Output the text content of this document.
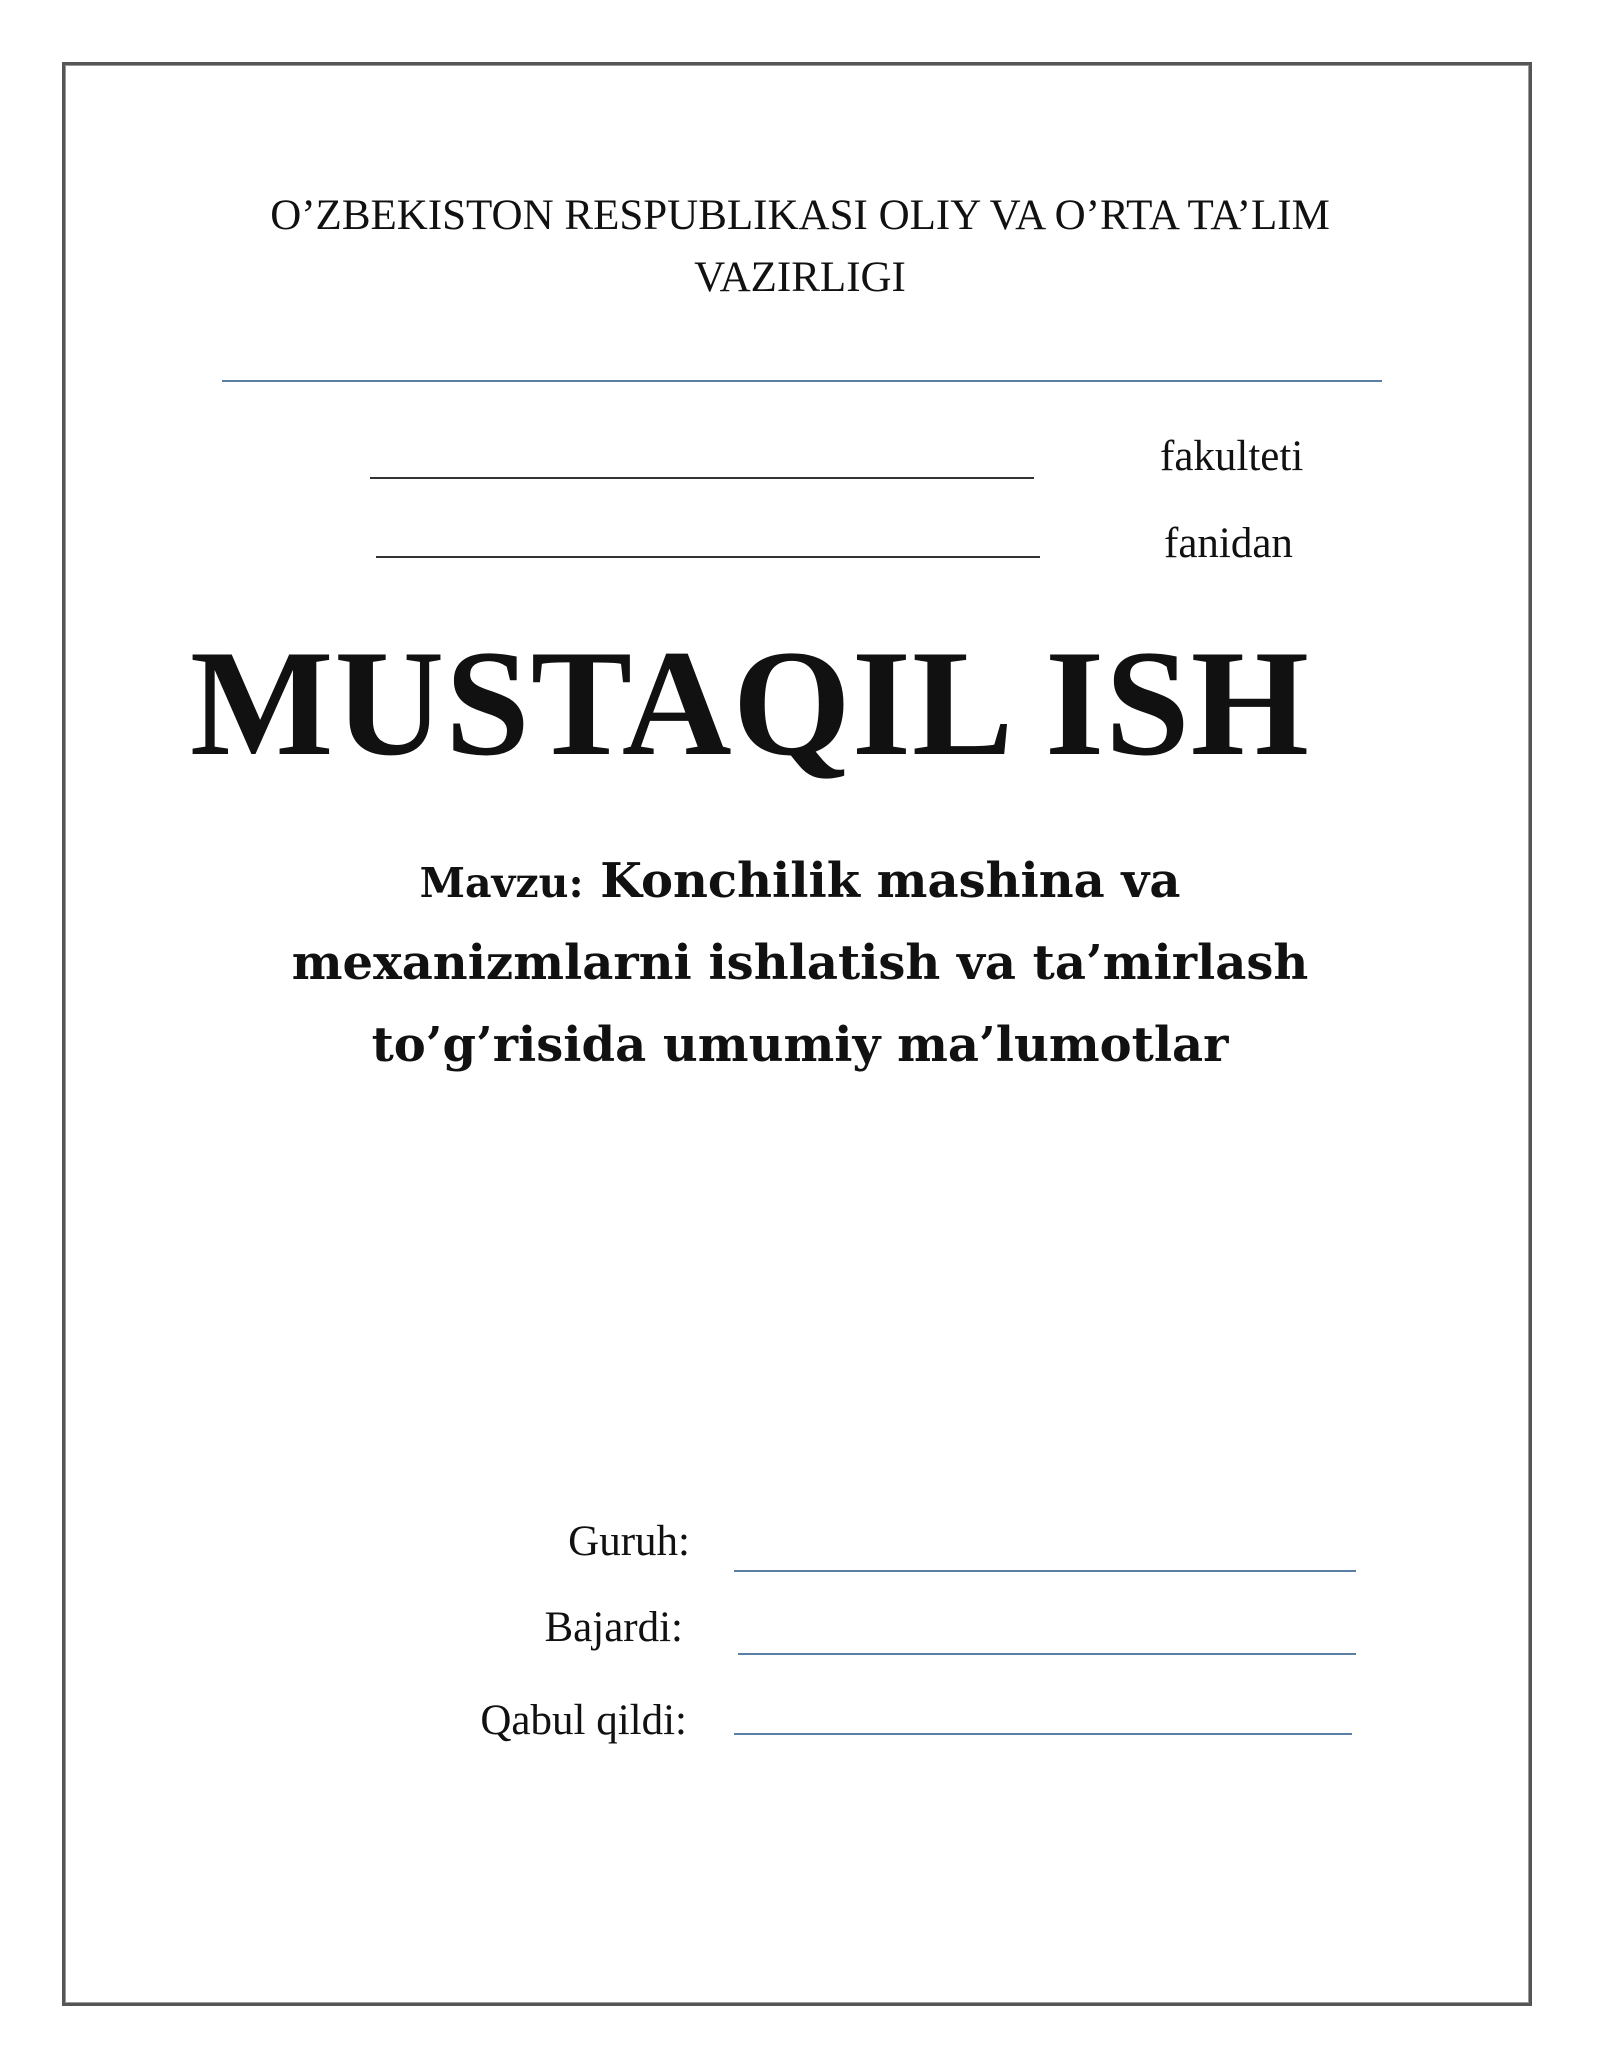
O’ZBEKISTON RESPUBLIKASI OLIY VA O’RTA TA’LIM
VAZIRLIGI
fakulteti
fanidan
MUSTAQIL ISH
Mavzu: Konchilik mashina va
mexanizmlarni ishlatish va ta’mirlash
to’g’risida umumiy ma’lumotlar
Guruh:
Bajardi:
Qabul qildi:
